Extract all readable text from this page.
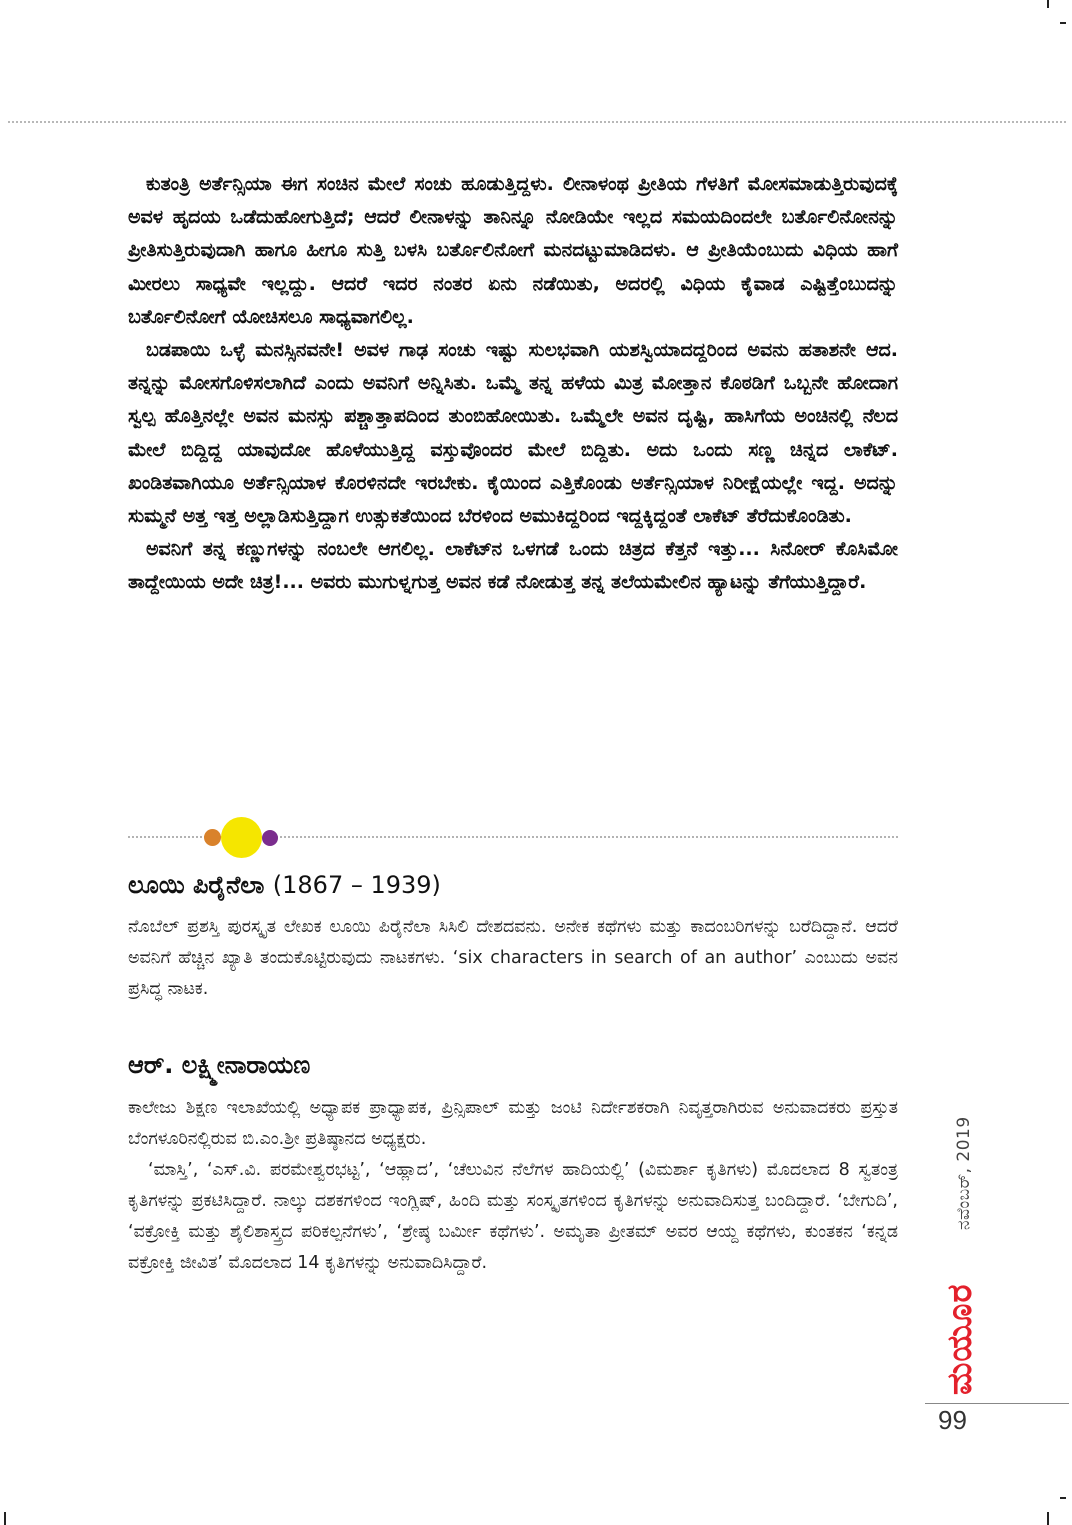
ಕುತಂತ್ರಿ ಅರ್ತೆನ್ಸಿಯಾ ಈಗ ಸಂಚಿನ ಮೇಲೆ ಸಂಚು ಹೂಡುತ್ತಿದ್ದಳು. ಲೀನಾಳಂಥ ಪ್ರೀತಿಯ ಗೆಳತಿಗೆ ಮೋಸಮಾಡುತ್ತಿರುವುದಕ್ಕೆ ಅವಳ ಹೃದಯ ಒಡೆದುಹೋಗುತ್ತಿದೆ; ಆದರೆ ಲೀನಾಳನ್ನು ತಾನಿನ್ನೂ ನೋಡಿಯೇ ಇಲ್ಲದ ಸಮಯದಿಂದಲೇ ಬರ್ತೊಲಿನೋನನ್ನು ಪ್ರೀತಿಸುತ್ತಿರುವುದಾಗಿ ಹಾಗೂ ಹೀಗೂ ಸುತ್ತಿ ಬಳಸಿ ಬರ್ತೊಲಿನೋಗೆ ಮನದಟ್ಟುಮಾಡಿದಳು. ಆ ಪ್ರೀತಿಯೆಂಬುದು ವಿಧಿಯ ಹಾಗೆ ಮೀರಲು ಸಾಧ್ಯವೇ ಇಲ್ಲದ್ದು. ಆದರೆ ಇದರ ನಂತರ ಏನು ನಡೆಯಿತು, ಅದರಲ್ಲಿ ವಿಧಿಯ ಕೈವಾಡ ಎಷ್ಟಿತ್ತೆಂಬುದನ್ನು ಬರ್ತೊಲಿನೋಗೆ ಯೋಚಿಸಲೂ ಸಾಧ್ಯವಾಗಲಿಲ್ಲ.

ಬಡಪಾಯಿ ಒಳ್ಳೆ ಮನಸ್ಸಿನವನೇ! ಅವಳ ಗಾಢ ಸಂಚು ಇಷ್ಟು ಸುಲಭವಾಗಿ ಯಶಸ್ವಿಯಾದದ್ದರಿಂದ ಅವನು ಹತಾಶನೇ ಆದ. ತನ್ನನ್ನು ಮೋಸಗೊಳಿಸಲಾಗಿದೆ ಎಂದು ಅವನಿಗೆ ಅನ್ನಿಸಿತು. ಒಮ್ಮೆ ತನ್ನ ಹಳೆಯ ಮಿತ್ರ ಮೋತ್ತಾನ ಕೊಠಡಿಗೆ ಒಬ್ಬನೇ ಹೋದಾಗ ಸ್ವಲ್ಪ ಹೊತ್ತಿನಲ್ಲೇ ಅವನ ಮನಸ್ಸು ಪಶ್ಚಾತ್ತಾಪದಿಂದ ತುಂಬಿಹೋಯಿತು. ಒಮ್ಮೆಲೇ ಅವನ ದೃಷ್ಟಿ, ಹಾಸಿಗೆಯ ಅಂಚಿನಲ್ಲಿ ನೆಲದ ಮೇಲೆ ಬಿದ್ದಿದ್ದ ಯಾವುದೋ ಹೊಳೆಯುತ್ತಿದ್ದ ವಸ್ತುವೊಂದರ ಮೇಲೆ ಬಿದ್ದಿತು. ಅದು ಒಂದು ಸಣ್ಣ ಚಿನ್ನದ ಲಾಕೆಟ್. ಖಂಡಿತವಾಗಿಯೂ ಅರ್ತೆನ್ಸಿಯಾಳ ಕೊರಳಿನದೇ ಇರಬೇಕು. ಕೈಯಿಂದ ಎತ್ತಿಕೊಂಡು ಅರ್ತೆನ್ಸಿಯಾಳ ನಿರೀಕ್ಷೆಯಲ್ಲೇ ಇದ್ದ. ಅದನ್ನು ಸುಮ್ಮನೆ ಅತ್ತ ಇತ್ತ ಅಲ್ಲಾಡಿಸುತ್ತಿದ್ದಾಗ ಉತ್ಸುಕತೆಯಿಂದ ಬೆರಳಿಂದ ಅಮುಕಿದ್ದರಿಂದ ಇದ್ದಕ್ಕಿದ್ದಂತೆ ಲಾಕೆಟ್ ತೆರೆದುಕೊಂಡಿತು.

ಅವನಿಗೆ ತನ್ನ ಕಣ್ಣುಗಳನ್ನು ನಂಬಲೇ ಆಗಲಿಲ್ಲ. ಲಾಕೆಟ್‍ನ ಒಳಗಡೆ ಒಂದು ಚಿತ್ರದ ಕೆತ್ತನೆ ಇತ್ತು... ಸಿನೋರ್ ಕೊಸಿಮೋ ತಾದ್ದೇಯಿಯ ಅದೇ ಚಿತ್ರ!... ಅವರು ಮುಗುಳ್ನಗುತ್ತ ಅವನ ಕಡೆ ನೋಡುತ್ತ ತನ್ನ ತಲೆಯಮೇಲಿನ ಹ್ಯಾಟನ್ನು ತೆಗೆಯುತ್ತಿದ್ದಾರೆ.

ಲೂಯಿ ಪಿರೈನೆಲಾ (1867 – 1939)

ನೊಬೆಲ್ ಪ್ರಶಸ್ತಿ ಪುರಸ್ಕೃತ ಲೇಖಕ ಲೂಯಿ ಪಿರೈನೆಲಾ ಸಿಸಿಲಿ ದೇಶದವನು. ಅನೇಕ ಕಥೆಗಳು ಮತ್ತು ಕಾದಂಬರಿಗಳನ್ನು ಬರೆದಿದ್ದಾನೆ. ಆದರೆ ಅವನಿಗೆ ಹೆಚ್ಚಿನ ಖ್ಯಾತಿ ತಂದುಕೊಟ್ಟಿರುವುದು ನಾಟಕಗಳು. ‘six characters in search of an author’ ಎಂಬುದು ಅವನ ಪ್ರಸಿದ್ಧ ನಾಟಕ.

ಆರ್. ಲಕ್ಷ್ಮೀನಾರಾಯಣ

ಕಾಲೇಜು ಶಿಕ್ಷಣ ಇಲಾಖೆಯಲ್ಲಿ ಅಧ್ಯಾಪಕ ಪ್ರಾಧ್ಯಾಪಕ, ಪ್ರಿನ್ಸಿಪಾಲ್ ಮತ್ತು ಜಂಟಿ ನಿರ್ದೇಶಕರಾಗಿ ನಿವೃತ್ತರಾಗಿರುವ ಅನುವಾದಕರು ಪ್ರಸ್ತುತ ಬೆಂಗಳೂರಿನಲ್ಲಿರುವ ಬಿ.ಎಂ.ಶ್ರೀ ಪ್ರತಿಷ್ಠಾನದ ಅಧ್ಯಕ್ಷರು.

‘ಮಾಸ್ತಿ’, ‘ಎಸ್.ವಿ. ಪರಮೇಶ್ವರಭಟ್ಟ’, ‘ಆಹ್ಲಾದ’, ‘ಚೆಲುವಿನ ನೆಲೆಗಳ ಹಾದಿಯಲ್ಲಿ’ (ವಿಮರ್ಶಾ ಕೃತಿಗಳು) ಮೊದಲಾದ 8 ಸ್ವತಂತ್ರ ಕೃತಿಗಳನ್ನು ಪ್ರಕಟಿಸಿದ್ದಾರೆ. ನಾಲ್ಕು ದಶಕಗಳಿಂದ ಇಂಗ್ಲಿಷ್, ಹಿಂದಿ ಮತ್ತು ಸಂಸ್ಕೃತಗಳಿಂದ ಕೃತಿಗಳನ್ನು ಅನುವಾದಿಸುತ್ತ ಬಂದಿದ್ದಾರೆ. ‘ಬೇಗುದಿ’, ‘ವಕ್ರೋಕ್ತಿ ಮತ್ತು ಶೈಲಿಶಾಸ್ತ್ರದ ಪರಿಕಲ್ಪನೆಗಳು’, ‘ಶ್ರೇಷ್ಠ ಬರ್ಮೀ ಕಥೆಗಳು’. ಅಮೃತಾ ಪ್ರೀತಮ್ ಅವರ ಆಯ್ದ ಕಥೆಗಳು, ಕುಂತಕನ ‘ಕನ್ನಡ ವಕ್ರೋಕ್ತಿ ಜೀವಿತ’ ಮೊದಲಾದ 14 ಕೃತಿಗಳನ್ನು ಅನುವಾದಿಸಿದ್ದಾರೆ.

ನವೆಂಬರ್, 2019
ಮಯೂರ
99
